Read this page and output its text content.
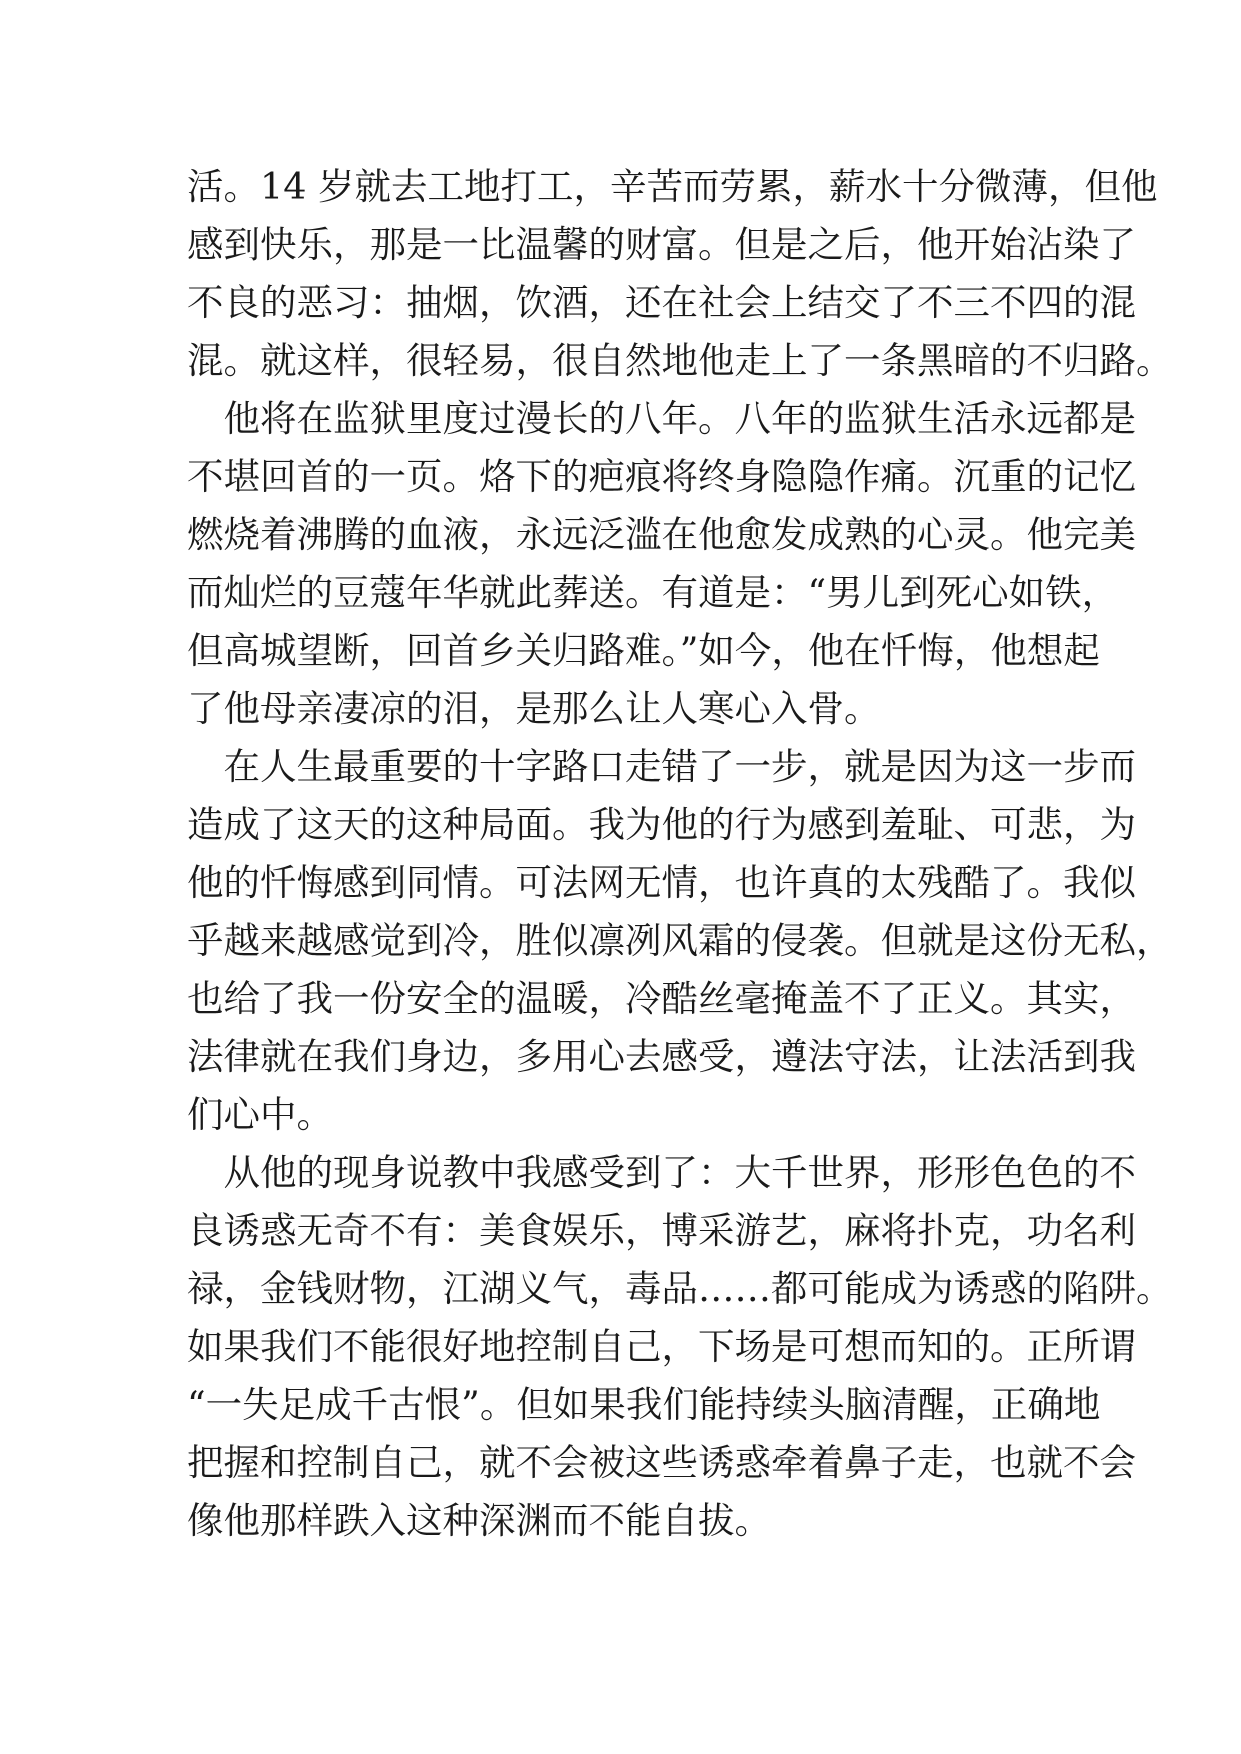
活。14 岁就去工地打工，辛苦而劳累，薪水十分微薄，但他
感到快乐，那是一比温馨的财富。但是之后，他开始沾染了
不良的恶习：抽烟，饮酒，还在社会上结交了不三不四的混
混。就这样，很轻易，很自然地他走上了一条黑暗的不归路。
　他将在监狱里度过漫长的八年。八年的监狱生活永远都是
不堪回首的一页。烙下的疤痕将终身隐隐作痛。沉重的记忆
燃烧着沸腾的血液，永远泛滥在他愈发成熟的心灵。他完美
而灿烂的豆蔻年华就此葬送。有道是：“男儿到死心如铁，
但高城望断，回首乡关归路难。”如今，他在忏悔，他想起
了他母亲凄凉的泪，是那么让人寒心入骨。
　在人生最重要的十字路口走错了一步，就是因为这一步而
造成了这天的这种局面。我为他的行为感到羞耻、可悲，为
他的忏悔感到同情。可法网无情，也许真的太残酷了。我似
乎越来越感觉到冷，胜似凛冽风霜的侵袭。但就是这份无私，
也给了我一份安全的温暖，冷酷丝毫掩盖不了正义。其实，
法律就在我们身边，多用心去感受，遵法守法，让法活到我
们心中。
　从他的现身说教中我感受到了：大千世界，形形色色的不
良诱惑无奇不有：美食娱乐，博采游艺，麻将扑克，功名利
禄，金钱财物，江湖义气，毒品……都可能成为诱惑的陷阱。
如果我们不能很好地控制自己，下场是可想而知的。正所谓
“一失足成千古恨”。但如果我们能持续头脑清醒，正确地
把握和控制自己，就不会被这些诱惑牵着鼻子走，也就不会
像他那样跌入这种深渊而不能自拔。
